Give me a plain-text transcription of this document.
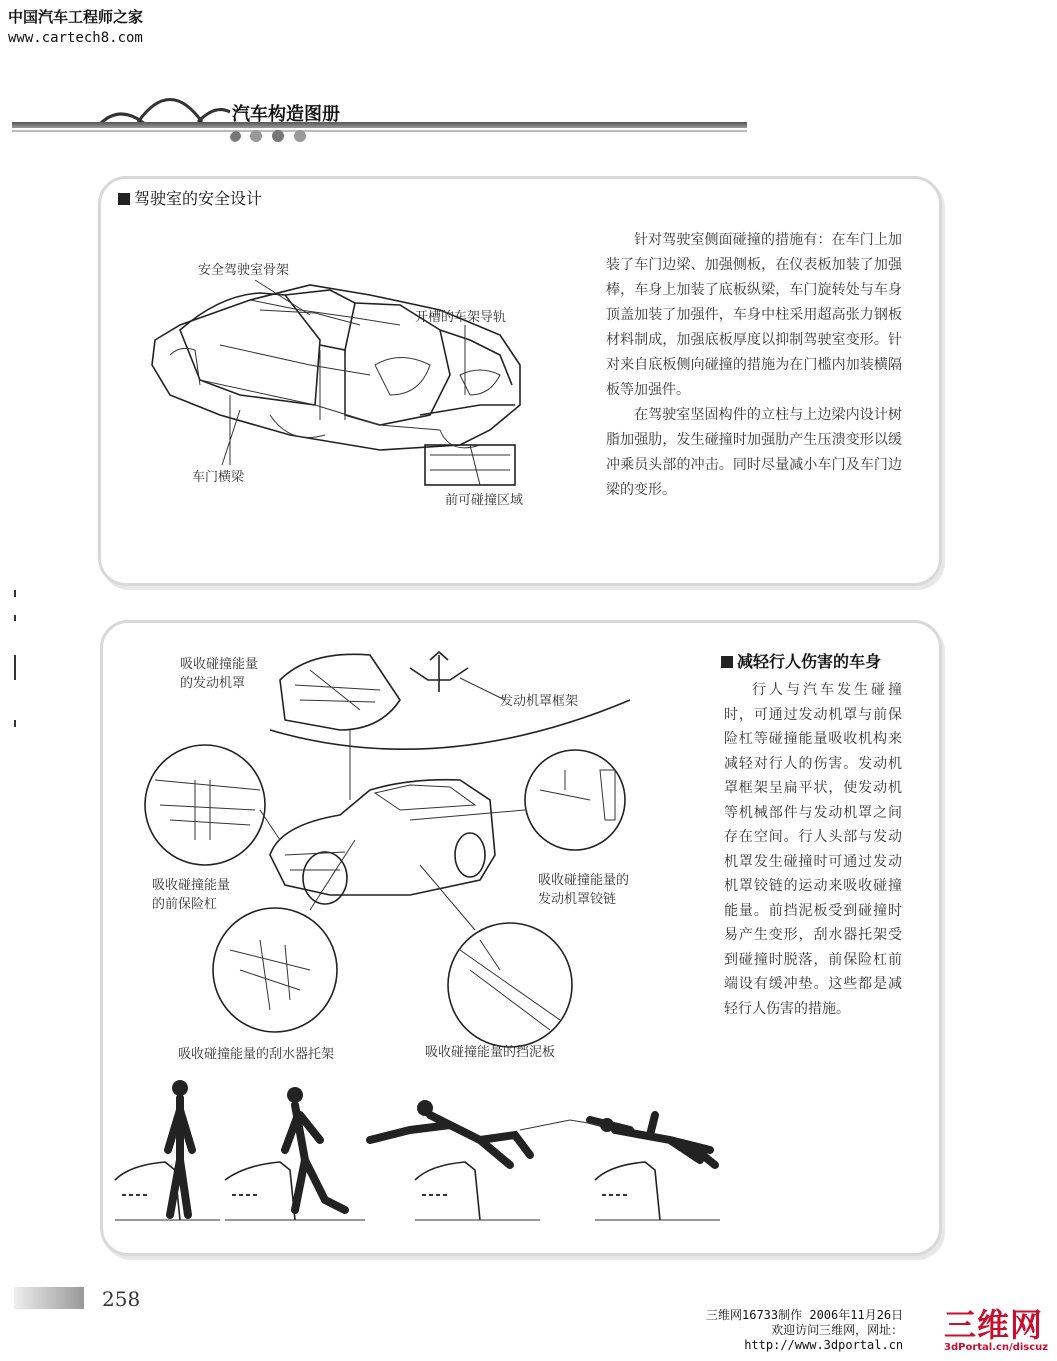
中国汽车工程师之家
www.cartech8.com
汽车构造图册
驾驶室的安全设计
安全驾驶室骨架
开槽的车架导轨
车门横梁
前可碰撞区域

针对驾驶室侧面碰撞的措施有：在车门上加装了车门边梁、加强侧板，在仪表板加装了加强棒，车身上加装了底板纵梁，车门旋转处与车身顶盖加装了加强件，车身中柱采用超高张力钢板材料制成，加强底板厚度以抑制驾驶室变形。针对来自底板侧向碰撞的措施为在门槛内加装横隔板等加强件。

在驾驶室坚固构件的立柱与上边梁内设计树脂加强肋，发生碰撞时加强肋产生压溃变形以缓冲乘员头部的冲击。同时尽量减小车门及车门边梁的变形。

减轻行人伤害的车身

行人与汽车发生碰撞时，可通过发动机罩与前保险杠等碰撞能量吸收机构来减轻对行人的伤害。发动机罩框架呈扁平状，使发动机等机械部件与发动机罩之间存在空间。行人头部与发动机罩发生碰撞时可通过发动机罩铰链的运动来吸收碰撞能量。前挡泥板受到碰撞时易产生变形，刮水器托架受到碰撞时脱落，前保险杠前端设有缓冲垫。这些都是减轻行人伤害的措施。

吸收碰撞能量
的发动机罩
发动机罩框架
吸收碰撞能量
的前保险杠
吸收碰撞能量的
发动机罩铰链
吸收碰撞能量的刮水器托架	吸收碰撞能量的挡泥板
258
三维网16733制作 2006年11月26日
欢迎访问三维网，网址：
http://www.3dportal.cn
三维网
3dPortal.cn/discuz
